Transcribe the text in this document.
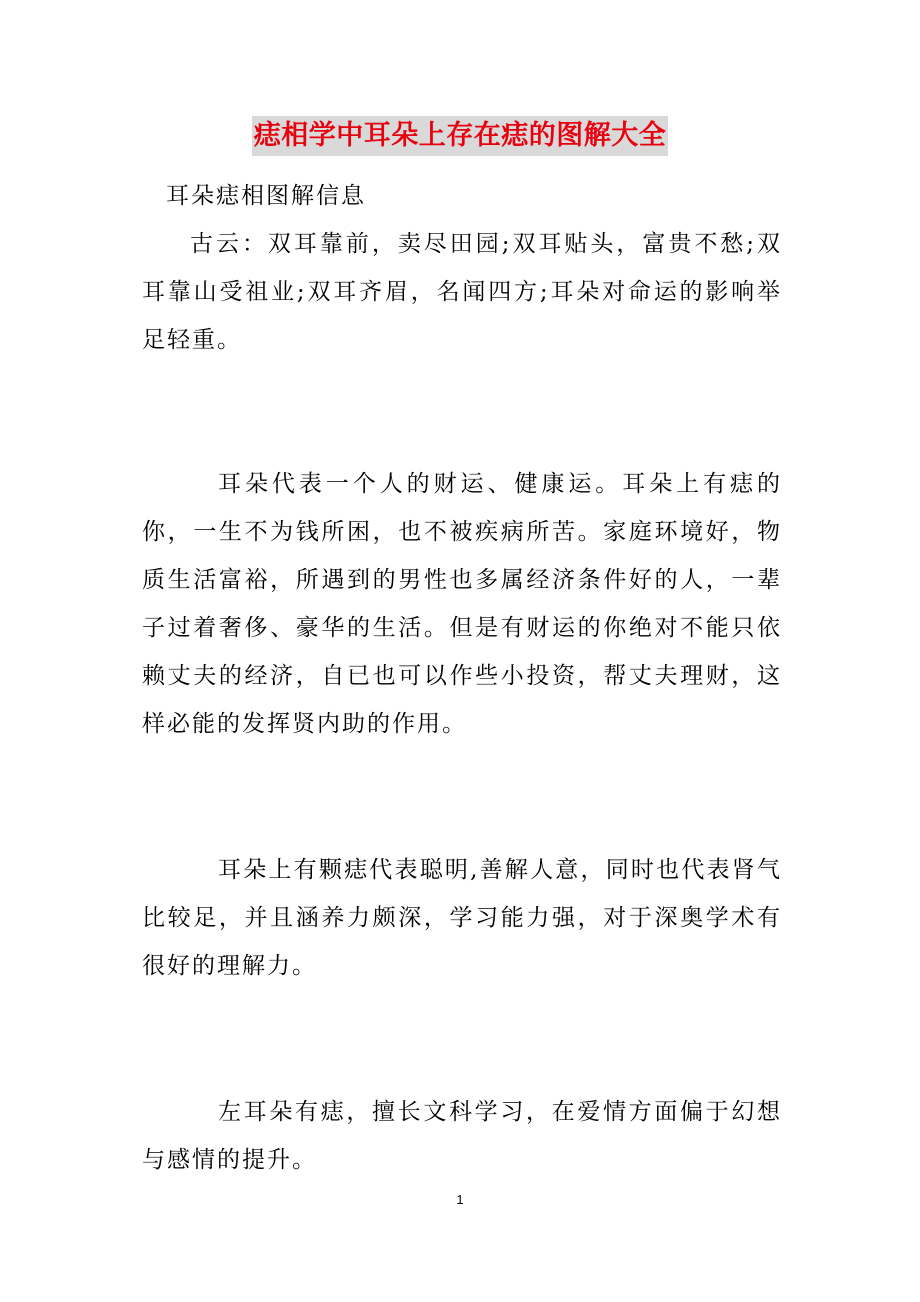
痣相学中耳朵上存在痣的图解大全

耳朵痣相图解信息

古云：双耳靠前，卖尽田园;双耳贴头，富贵不愁;双耳靠山受祖业;双耳齐眉，名闻四方;耳朵对命运的影响举足轻重。

耳朵代表一个人的财运、健康运。耳朵上有痣的你，一生不为钱所困，也不被疾病所苦。家庭环境好，物质生活富裕，所遇到的男性也多属经济条件好的人，一辈子过着奢侈、豪华的生活。但是有财运的你绝对不能只依赖丈夫的经济，自已也可以作些小投资，帮丈夫理财，这样必能的发挥贤内助的作用。

耳朵上有颗痣代表聪明,善解人意，同时也代表肾气比较足，并且涵养力颇深，学习能力强，对于深奥学术有很好的理解力。

左耳朵有痣，擅长文科学习，在爱情方面偏于幻想与感情的提升。

1
